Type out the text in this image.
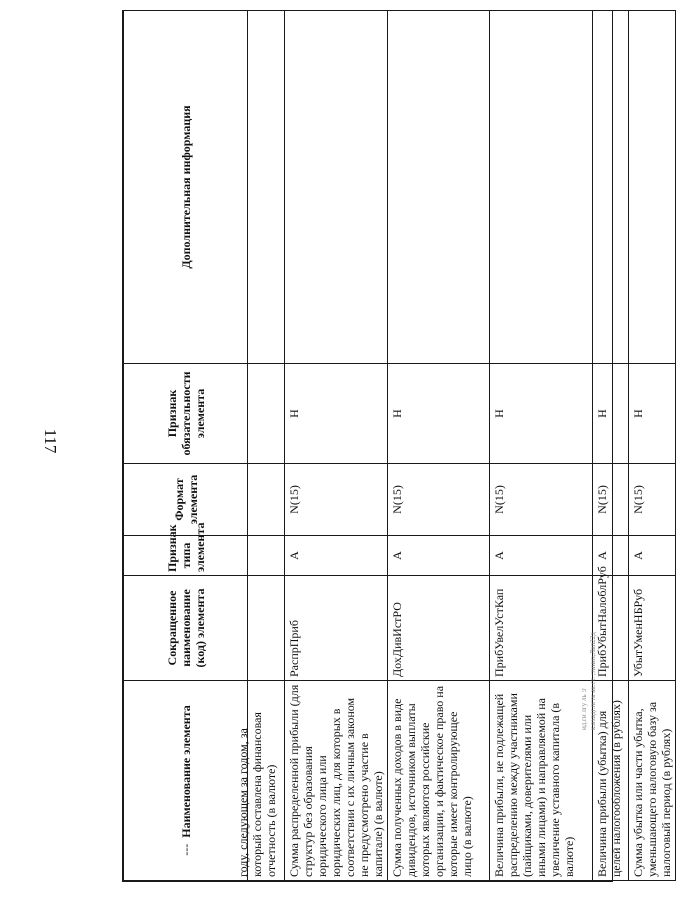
117
---Наименование элемента	Сокращенное наименование (код) элемента	Признак типа элемента	Формат элемента	Признак обязательности элемента	Дополнительная информация

году, следующем за годом, за который составлена финансовая отчетность (в валюте)					

Сумма распределенной прибыли (для структур без образования юридического лица или юридических лиц, для которых в соответствии с их личным законом не предусмотрено участие в капитале) (в валюте)	РаспрПриб	А	N(15)	Н	
Сумма полученных доходов в виде дивидендов, источником выплаты которых являются российские организации, и фактическое право на которые имеет контролирующее лицо (в валюте)	ДохДивИстРО	А	N(15)	Н	
Величина прибыли, не подлежащей распределению между участниками (пайщиками, доверителями или иными лицами) и направляемой на увеличение уставного капитала (в валюте)	ПрибУвелУстКап	А	N(15)	Н	
Величина прибыли (убытка) для целей налогообложения (в рублях)	ПрибУбытНалоблРуб	А	N(15)	Н	
Сумма убытка или части убытка, уменьшающего налоговую базу за налоговый период (в рублях)	УбытУменНБРуб	А	N(15)	Н	
ид.ги лгу ль :г к.вхвдг.пгтк ак.ст. ;тиниз,Лвп22д
